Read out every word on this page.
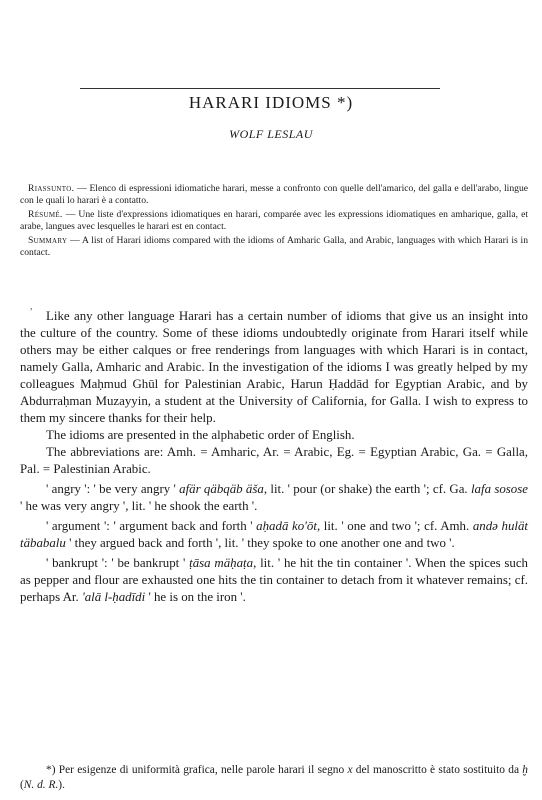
HARARI IDIOMS *)
WOLF LESLAU

Riassunto. — Elenco di espressioni idiomatiche harari, messe a confronto con quelle dell'amarico, del galla e dell'arabo, lingue con le quali lo harari è a contatto.

Résumé. — Une liste d'expressions idiomatiques en harari, comparée avec les expressions idiomatiques en amharique, galla, et arabe, langues avec lesquelles le harari est en contact.

Summary — A list of Harari idioms compared with the idioms of Amharic Galla, and Arabic, languages with which Harari is in contact.

,

Like any other language Harari has a certain number of idioms that give us an insight into the culture of the country. Some of these idioms undoubtedly originate from Harari itself while others may be either calques or free renderings from languages with which Harari is in contact, namely Galla, Amharic and Arabic. In the investigation of the idioms I was greatly helped by my colleagues Maḥmud Ghūl for Palestinian Arabic, Harun Ḥaddād for Egyptian Arabic, and by Abdurraḥman Muzayyin, a student at the University of California, for Galla. I wish to express to them my sincere thanks for their help.

The idioms are presented in the alphabetic order of English.

The abbreviations are: Amh. = Amharic, Ar. = Arabic, Eg. = Egyptian Arabic, Ga. = Galla, Pal. = Palestinian Arabic.

' angry ': ' be very angry ' afär qäbqäb äša, lit. ' pour (or shake) the earth '; cf. Ga. lafa sosose ' he was very angry ', lit. ' he shook the earth '.

' argument ': ' argument back and forth ' aḥadā ko'ōt, lit. ' one and two '; cf. Amh. andə hulät täbabalu ' they argued back and forth ', lit. ' they spoke to one another one and two '.

' bankrupt ': ' be bankrupt ' ṭāsa mäḥaṭa, lit. ' he hit the tin container '. When the spices such as pepper and flour are exhausted one hits the tin container to detach from it whatever remains; cf. perhaps Ar. 'alā l-ḥadīdi ' he is on the iron '.

*) Per esigenze di uniformità grafica, nelle parole harari il segno x del manoscritto è stato sostituito da ḫ (N. d. R.).
